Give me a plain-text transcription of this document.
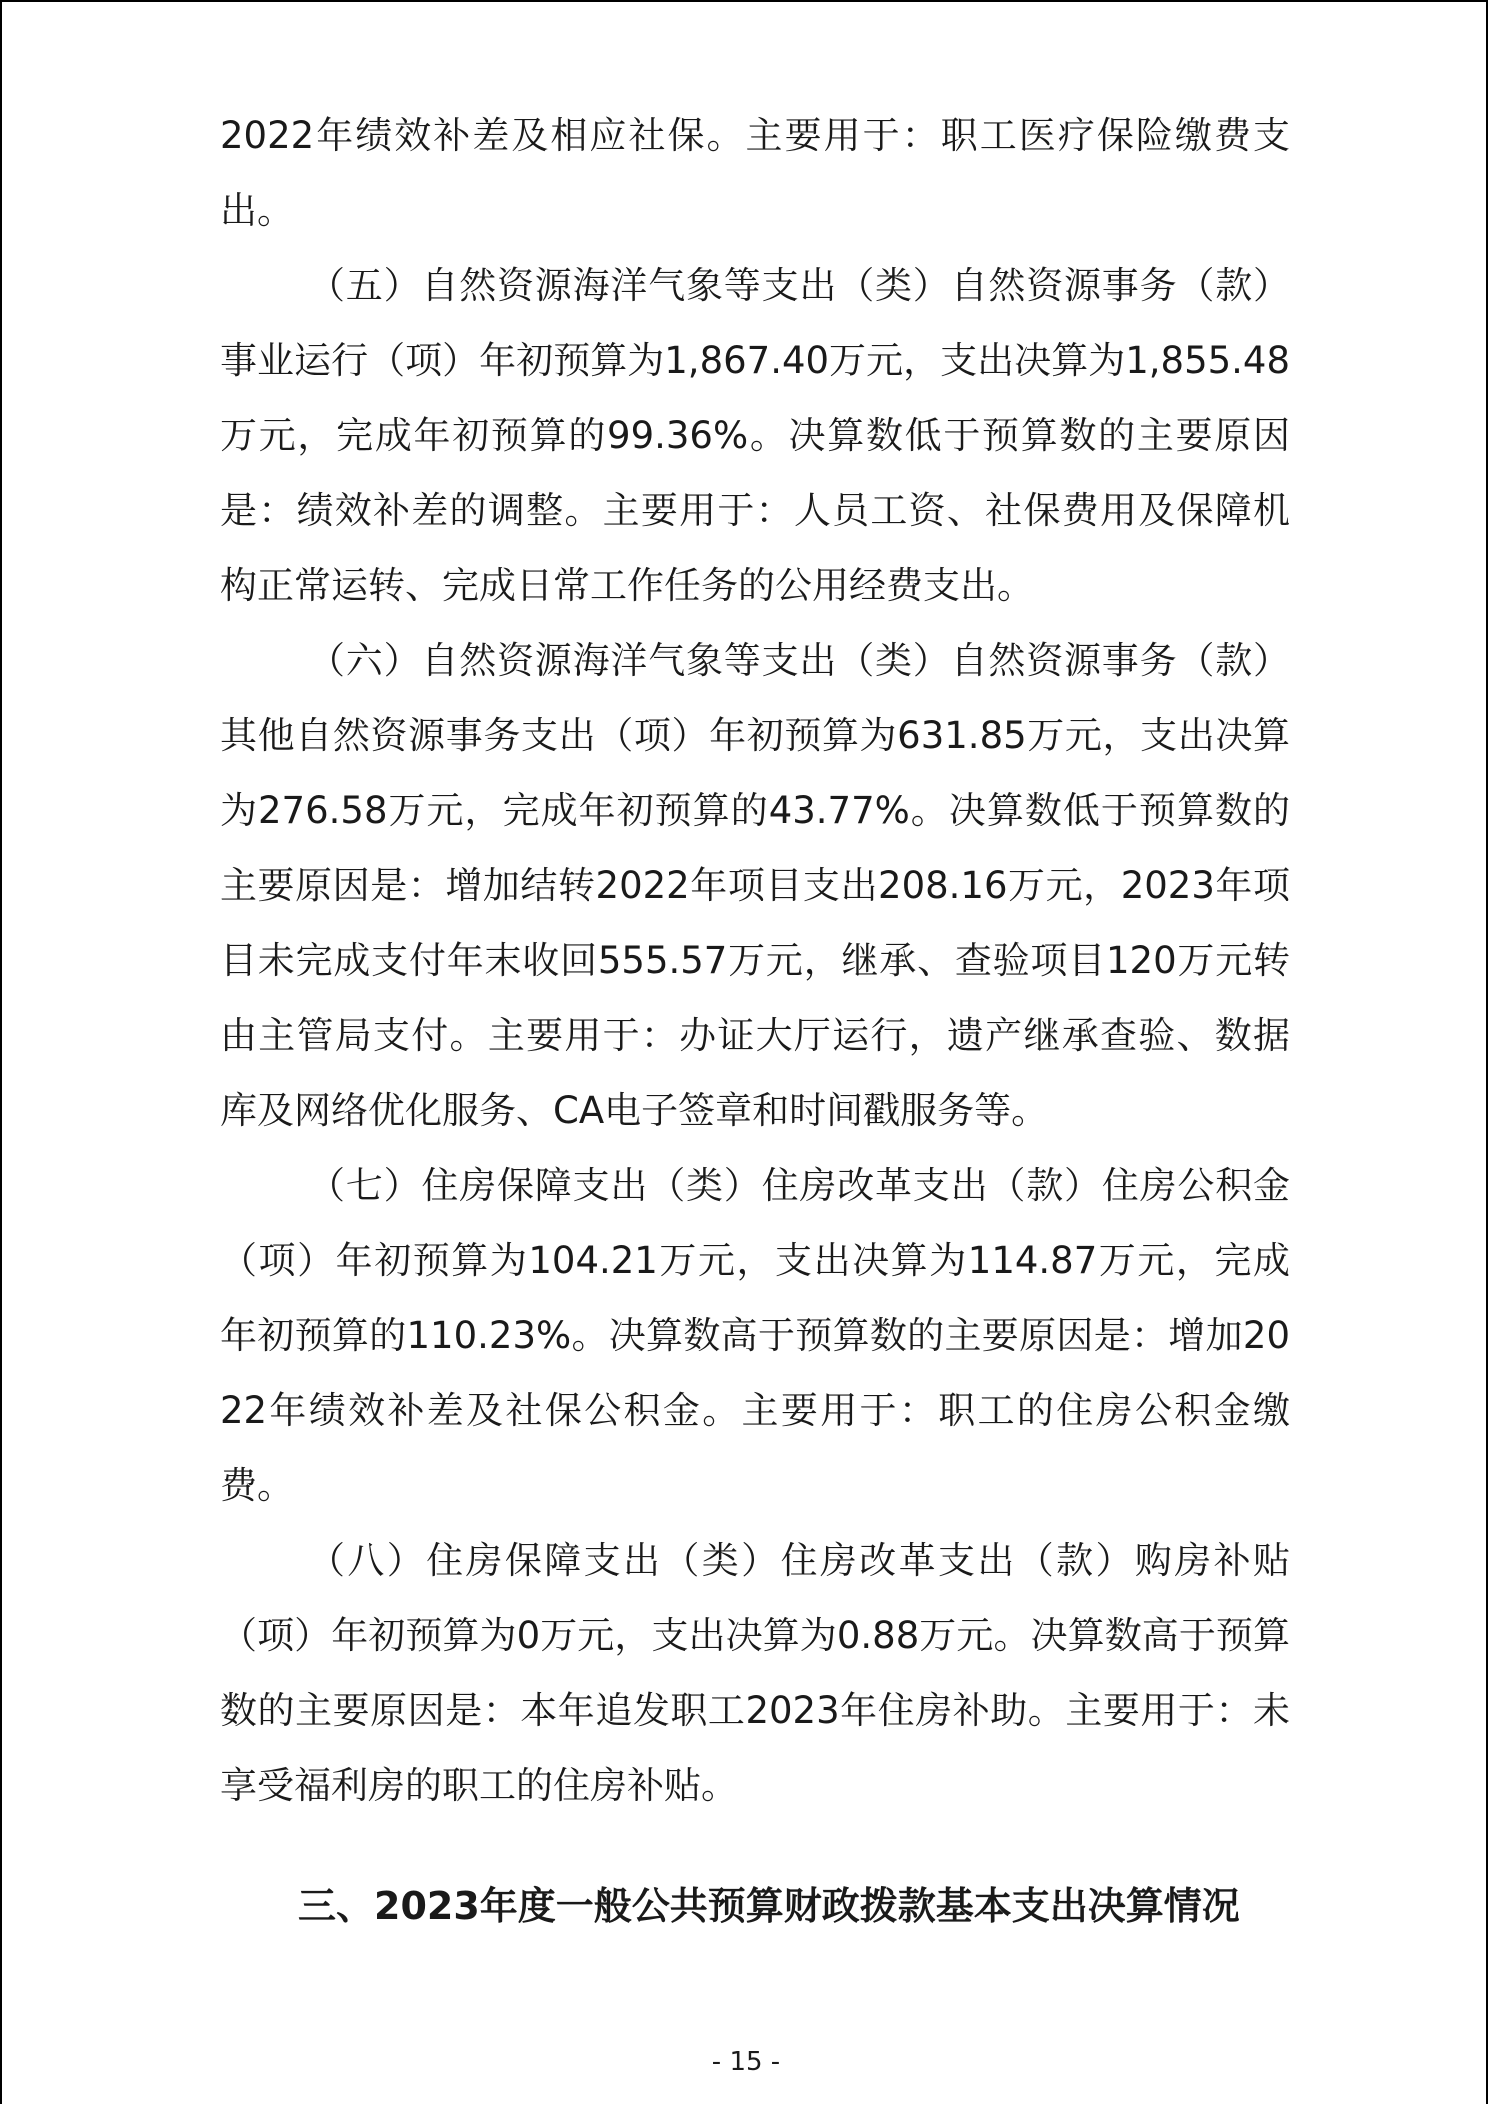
2022年绩效补差及相应社保。主要用于：职工医疗保险缴费支出。

（五）自然资源海洋气象等支出（类）自然资源事务（款）事业运行（项）年初预算为1,867.40万元，支出决算为1,855.48万元，完成年初预算的99.36%。决算数低于预算数的主要原因是：绩效补差的调整。主要用于：人员工资、社保费用及保障机构正常运转、完成日常工作任务的公用经费支出。

（六）自然资源海洋气象等支出（类）自然资源事务（款）其他自然资源事务支出（项）年初预算为631.85万元，支出决算为276.58万元，完成年初预算的43.77%。决算数低于预算数的主要原因是：增加结转2022年项目支出208.16万元，2023年项目未完成支付年末收回555.57万元，继承、查验项目120万元转由主管局支付。主要用于：办证大厅运行，遗产继承查验、数据库及网络优化服务、CA电子签章和时间戳服务等。

（七）住房保障支出（类）住房改革支出（款）住房公积金（项）年初预算为104.21万元，支出决算为114.87万元，完成年初预算的110.23%。决算数高于预算数的主要原因是：增加2022年绩效补差及社保公积金。主要用于：职工的住房公积金缴费。

（八）住房保障支出（类）住房改革支出（款）购房补贴（项）年初预算为0万元，支出决算为0.88万元。决算数高于预算数的主要原因是：本年追发职工2023年住房补助。主要用于：未享受福利房的职工的住房补贴。

三、2023年度一般公共预算财政拨款基本支出决算情况
- 15 -
